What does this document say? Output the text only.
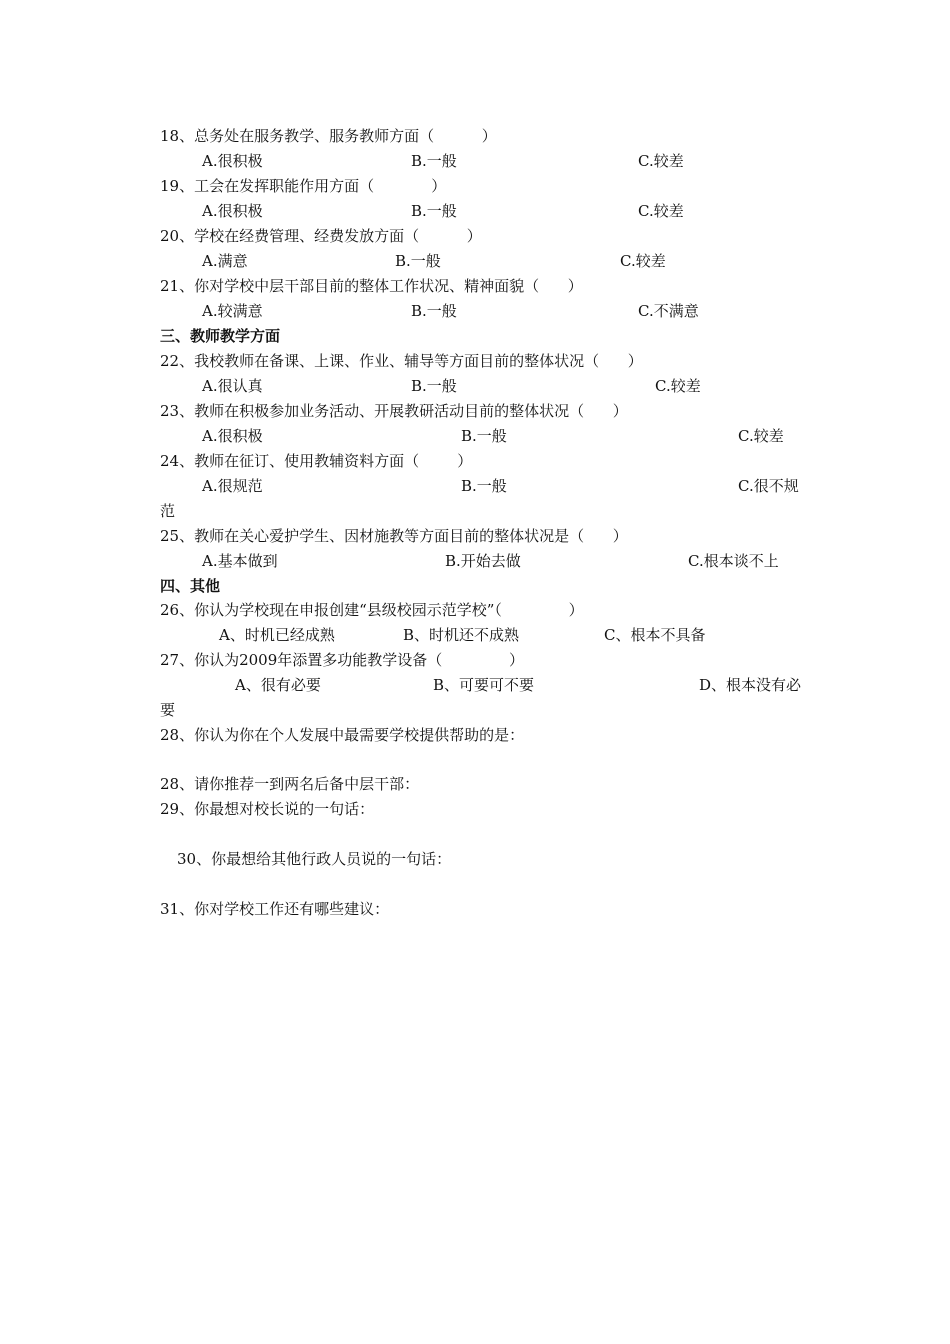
18、总务处在服务教学、服务教师方面（          ）
A.很积极	B.一般	C.较差
19、工会在发挥职能作用方面（            ）
A.很积极	B.一般	C.较差
20、学校在经费管理、经费发放方面（          ）
A.满意	B.一般	C.较差
21、你对学校中层干部目前的整体工作状况、精神面貌（      ）
A.较满意	B.一般	C.不满意
三、教师教学方面
22、我校教师在备课、上课、作业、辅导等方面目前的整体状况（      ）
A.很认真	B.一般	C.较差
23、教师在积极参加业务活动、开展教研活动目前的整体状况（      ）
A.很积极	B.一般	C.较差
24、教师在征订、使用教辅资料方面（        ）
A.很规范	B.一般	C.很不规
范
25、教师在关心爱护学生、因材施教等方面目前的整体状况是（      ）
A.基本做到	B.开始去做	C.根本谈不上
四、其他
26、你认为学校现在申报创建“县级校园示范学校”（              ）
A、时机已经成熟	B、时机还不成熟	C、根本不具备
27、你认为2009年添置多功能教学设备（              ）
A、很有必要	B、可要可不要	D、根本没有必
要
28、你认为你在个人发展中最需要学校提供帮助的是：
28、请你推荐一到两名后备中层干部：
29、你最想对校长说的一句话：
30、你最想给其他行政人员说的一句话：
31、你对学校工作还有哪些建议：
